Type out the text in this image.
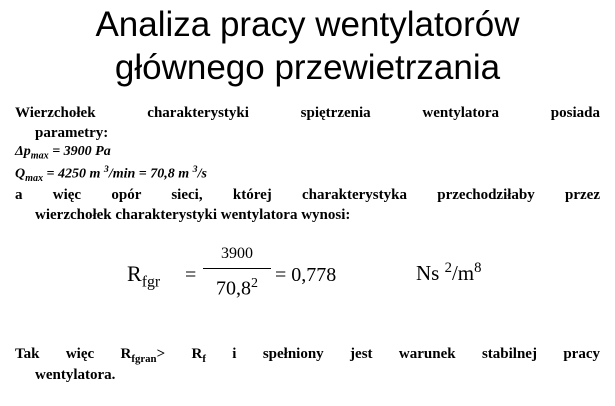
Analiza pracy wentylatorów
głównego przewietrzania
Wierzchołek charakterystyki spiętrzenia wentylatora posiada
parametry:
$\Delta p_{max} = 3900$ Pa
$Q_{max} = 4250$ m $^3$/min = 70,8 m $^3$/s
a więc opór sieci, której charakterystyka przechodziłaby przez
wierzchołek charakterystyki wentylatora wynosi:
$R_{fgr}$ =
3900
$70,8^2 = 0,778$	Ns $^2/m^8$
Tak więc $R_{fgran}> R_f$ i spełniony jest warunek stabilnej pracy
wentylatora.
